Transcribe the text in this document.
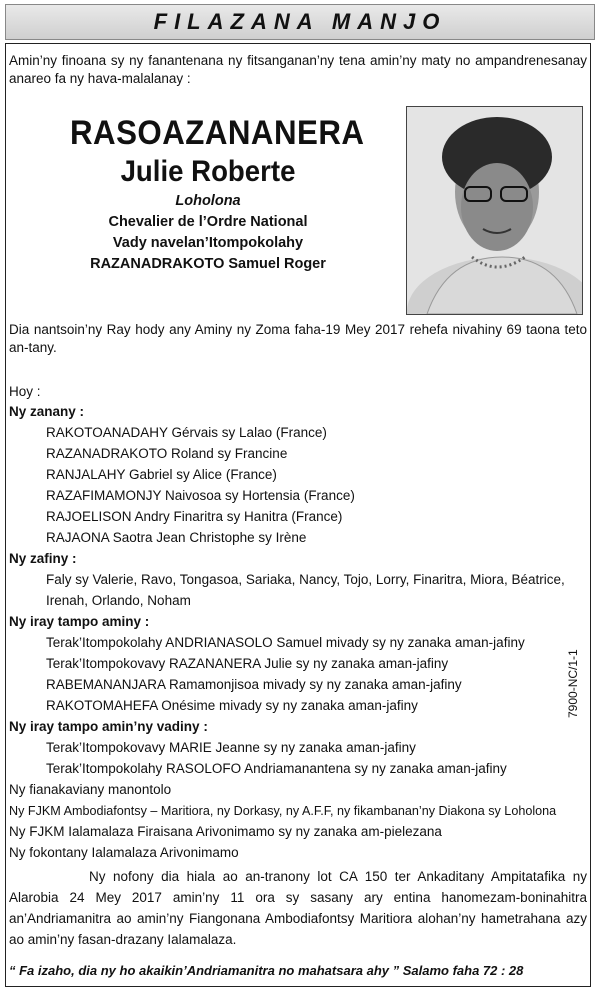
FILAZANA MANJO
Amin’ny finoana sy ny fanantenana ny fitsanganan’ny tena amin’ny maty no ampandrenesanay anareo fa ny hava-malalanay :
RASOAZANANERA
Julie Roberte
Loholona
Chevalier de l’Ordre National
Vady navelan’Itompokolahy
RAZANADRAKOTO Samuel Roger
Dia nantsoin’ny Ray hody any Aminy ny Zoma faha-19 Mey 2017 rehefa nivahiny 69 taona teto an-tany.
Hoy :
Ny zanany :
RAKOTOANADAHY Gérvais sy Lalao (France)
RAZANADRAKOTO Roland sy Francine
RANJALAHY Gabriel sy Alice (France)
RAZAFIMAMONJY Naivosoa sy Hortensia (France)
RAJOELISON Andry Finaritra sy Hanitra (France)
RAJAONA Saotra Jean Christophe sy Irène
Ny zafiny :
Faly sy Valerie, Ravo, Tongasoa, Sariaka, Nancy, Tojo, Lorry, Finaritra, Miora, Béatrice,
Irenah, Orlando, Noham
Ny iray tampo aminy :
Terak’Itompokolahy ANDRIANASOLO Samuel mivady sy ny zanaka aman-jafiny
Terak’Itompokovavy RAZANANERA Julie sy ny zanaka aman-jafiny
RABEMANANJARA Ramamonjisoa mivady sy ny zanaka aman-jafiny
RAKOTOMAHEFA Onésime mivady sy ny zanaka aman-jafiny
Ny iray tampo amin’ny vadiny :
Terak’Itompokovavy MARIE Jeanne sy ny zanaka aman-jafiny
Terak’Itompokolahy RASOLOFO Andriamanantena sy ny zanaka aman-jafiny
Ny fianakaviany manontolo
Ny FJKM Ambodiafontsy – Maritiora, ny Dorkasy, ny A.F.F, ny fikambanan’ny Diakona sy Loholona
Ny FJKM Ialamalaza Firaisana Arivonimamo sy ny zanaka am-pielezana
Ny fokontany Ialamalaza Arivonimamo
Ny nofony dia hiala ao an-tranony lot CA 150 ter Ankaditany Ampitatafika ny Alarobia 24 Mey 2017 amin’ny 11 ora sy sasany ary entina hanomezam-boninahitra an’Andriamanitra ao amin’ny Fiangonana Ambodiafontsy Maritiora alohan’ny hametrahana azy ao amin’ny fasan-drazany Ialamalaza.
“ Fa izaho, dia ny ho akaikin’Andriamanitra no mahatsara ahy ” Salamo faha 72 : 28
7900-NC/1-1
